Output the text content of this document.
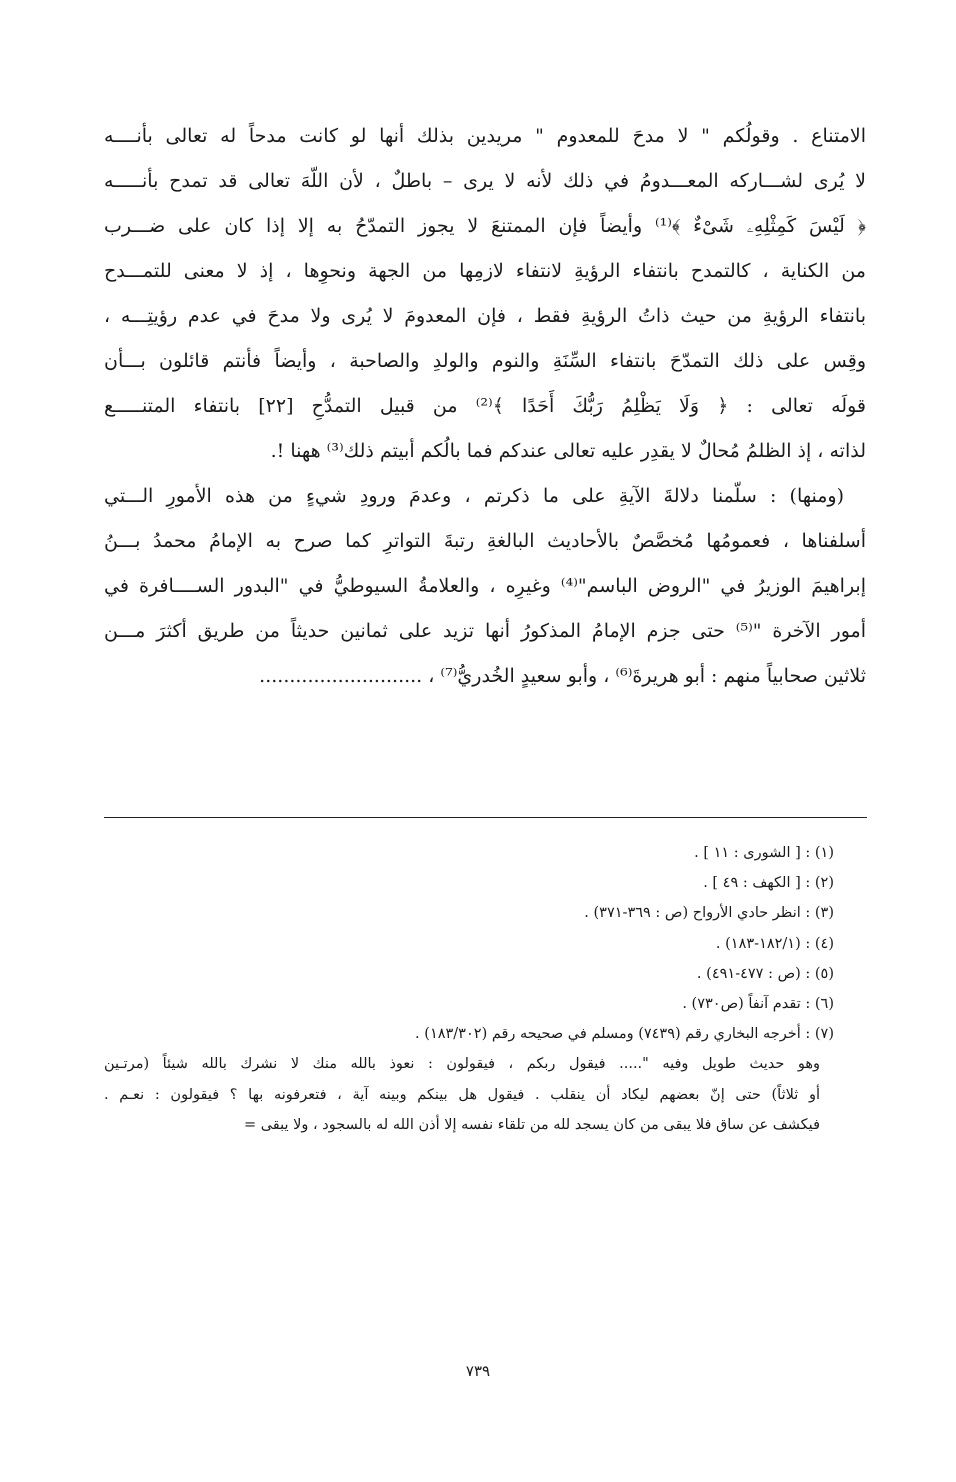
الامتناع . وقولُكم " لا مدحَ للمعدوم " مريدين بذلك أنها لو كانت مدحاً له تعالى بأنــــه
لا يُرى لشـــاركه المعـــدومُ في ذلك لأنه لا يرى – باطلٌ ، لأن اللّهَ تعالى قد تمدح بأنـــــه
﴿ لَيْسَ كَمِثْلِهِۦ شَىْءٌ ﴾⁽¹⁾ وأيضاً فإن الممتنعَ لا يجوز التمدّحُ به إلا إذا كان على ضـــرب
من الكناية ، كالتمدح بانتفاء الرؤيةِ لانتفاء لازمِها من الجهة ونحوِها ، إذ لا معنى للتمـــدح
بانتفاء الرؤيةِ من حيث ذاتُ الرؤيةِ فقط ، فإن المعدومَ لا يُرى ولا مدحَ في عدم رؤيتِـــه ،
وقِس على ذلك التمدّحَ بانتفاء السِّنَةِ والنوم والولدِ والصاحبة ، وأيضاً فأنتم قائلون بـــأن
قولَه تعالى : ﴿ وَلَا يَظْلِمُ رَبُّكَ أَحَدًا ﴾⁽²⁾ من قبيل التمدُّحِ [٢٢] بانتفاء المتنـــــع
لذاته ، إذ الظلمُ مُحالٌ لا يقدِر عليه تعالى عندكم فما بالُكم أبيتم ذلك⁽³⁾ ههنا !.
(ومنها) : سلّمنا دلالةَ الآيةِ على ما ذكرتم ، وعدمَ ورودِ شيءٍ من هذه الأمورِ الـــتي
أسلفناها ، فعمومُها مُخصَّصٌ بالأحاديث البالغةِ رتبةَ التواترِ كما صرح به الإمامُ محمدُ بـــنُ
إبراهيمَ الوزيرُ في "الروض الباسم"⁽⁴⁾ وغيرِه ، والعلامةُ السيوطيُّ في "البدور الســــافرة في
أمور الآخرة "⁽⁵⁾ حتى جزم الإمامُ المذكورُ أنها تزيد على ثمانين حديثاً من طريق أكثرَ مـــن
ثلاثين صحابياً منهم : أبو هريرةَ⁽⁶⁾ ، وأبو سعيدٍ الخُدريُّ⁽⁷⁾ ، ...........................
(١) : [ الشورى : ١١ ] .
(٢) : [ الكهف : ٤٩ ] .
(٣) : انظر حادي الأرواح (ص : ٣٦٩-٣٧١) .
(٤) : (١٨٢/١-١٨٣) .
(٥) : (ص : ٤٧٧-٤٩١) .
(٦) : تقدم آنفاً (ص٧٣٠) .
(٧) : أخرجه البخاري رقم (٧٤٣٩) ومسلم في صحيحه رقم (١٨٣/٣٠٢) .
وهو حديث طويل وفيه "..... فيقول ربكم ، فيقولون : نعوذ بالله منك لا نشرك بالله شيئاً (مرتـين
أو ثلاثاً) حتى إنّ بعضهم ليكاد أن ينقلب . فيقول هل بينكم وبينه آية ، فتعرفونه بها ؟ فيقولون : نعـم .
فيكشف عن ساق فلا يبقى من كان يسجد لله من تلقاء نفسه إلا أذن الله له بالسجود ، ولا يبقى =
٧٣٩
